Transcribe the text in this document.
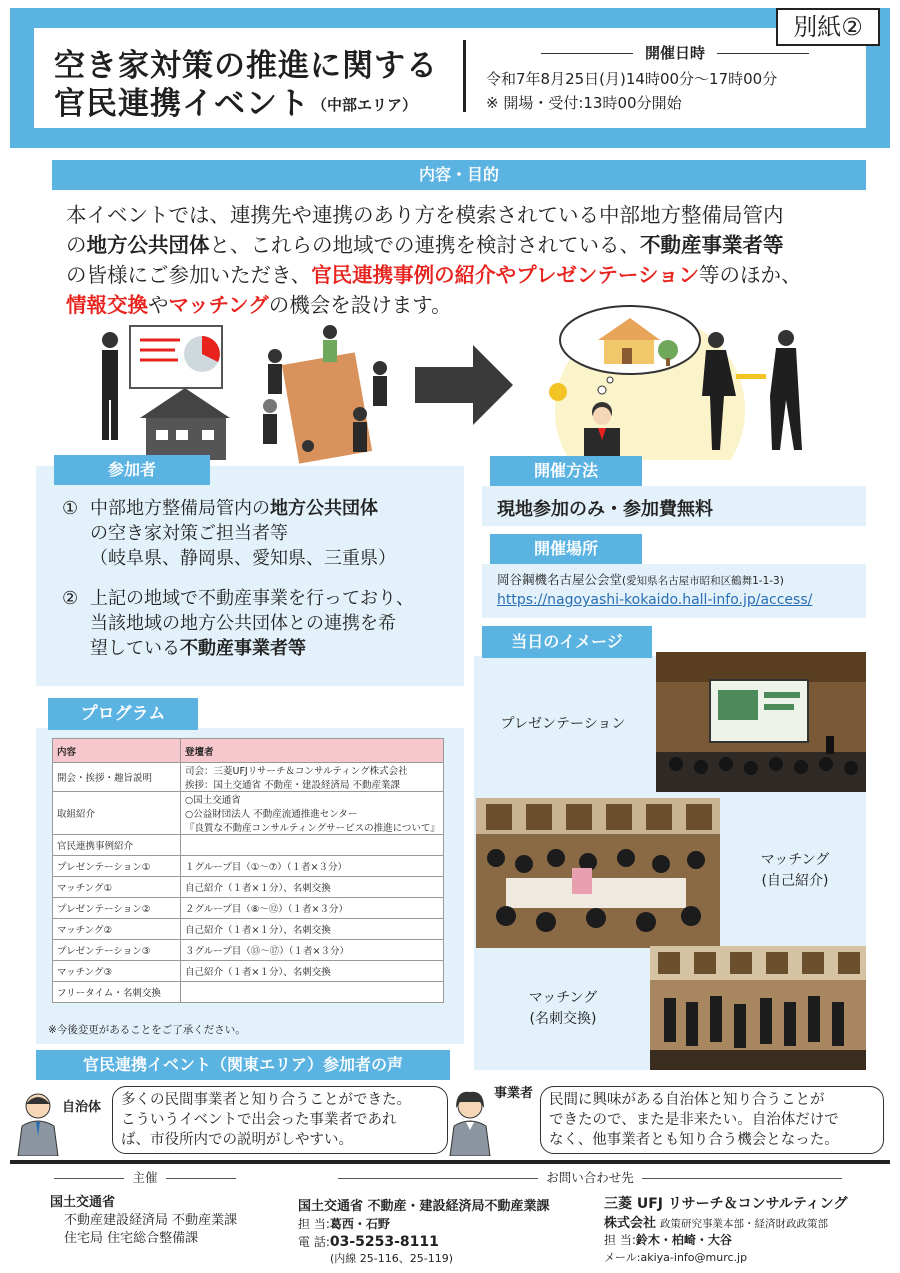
空き家対策の推進に関する
官民連携イベント （中部エリア）
開催日時
令和7年8月25日(月)14時00分～17時00分
※ 開場・受付:13時00分開始
別紙②
内容・目的
本イベントでは、連携先や連携のあり方を模索されている中部地方整備局管内
の地方公共団体と、これらの地域での連携を検討されている、不動産事業者等
の皆様にご参加いただき、官民連携事例の紹介やプレゼンテーション等のほか、
情報交換やマッチングの機会を設けます。
参加者
① 中部地方整備局管内の地方公共団体
の空き家対策ご担当者等
（岐阜県、静岡県、愛知県、三重県）
② 上記の地域で不動産事業を行っており、
当該地域の地方公共団体との連携を希
望している不動産事業者等
開催方法
現地参加のみ・参加費無料
開催場所
岡谷鋼機名古屋公会堂(愛知県名古屋市昭和区鶴舞1-1-3)
https://nagoyashi-kokaido.hall-info.jp/access/
プログラム
内容	登壇者
開会・挨拶・趣旨説明	司会：三菱UFJリサーチ＆コンサルティング株式会社
挨拶：国土交通省 不動産・建設経済局 不動産業課

取組紹介	○国土交通省
○公益財団法人 不動産流通推進センター
『良質な不動産コンサルティングサービスの推進について』

官民連携事例紹介	
プレゼンテーション①	１グループ目（①～⑦）（１者×３分）
マッチング①	自己紹介（１者×１分）、名刺交換
プレゼンテーション②	２グループ目（⑧～⑫）（１者×３分）
マッチング②	自己紹介（１者×１分）、名刺交換
プレゼンテーション③	３グループ目（⑬～⑰）（１者×３分）
マッチング③	自己紹介（１者×１分）、名刺交換
フリータイム・名刺交換	
※今後変更があることをご了承ください。
当日のイメージ
プレゼンテーション
マッチング
(自己紹介)
マッチング
(名刺交換)
官民連携イベント（関東エリア）参加者の声
自治体 多くの民間事業者と知り合うことができた。
こういうイベントで出会った事業者であれ
ば、市役所内での説明がしやすい。
事業者 民間に興味がある自治体と知り合うことが
できたので、また是非来たい。自治体だけで
なく、他事業者とも知り合う機会となった。
主催	お問い合わせ先
国土交通省
不動産建設経済局 不動産業課
住宅局 住宅総合整備課
国土交通省 不動産・建設経済局不動産業課
担 当:葛西・石野
電 話:03-5253-8111
(内線 25-116、25-119)
三菱 UFJ リサーチ＆コンサルティング
株式会社 政策研究事業本部・経済財政政策部
担 当:鈴木・柏崎・大谷
メール:akiya-info@murc.jp
